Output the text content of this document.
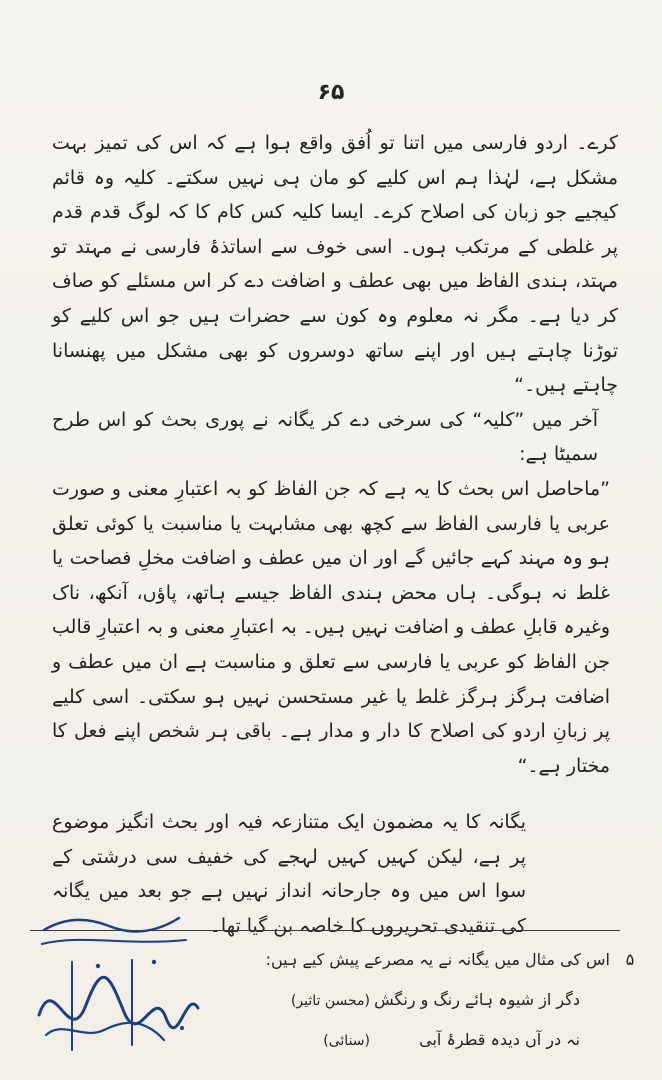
۶۵

کرے۔ اردو فارسی میں اتنا تو اُفق واقع ہوا ہے کہ اس کی تمیز بہت مشکل ہے، لہٰذا ہم اس کلیے کو مان ہی نہیں سکتے۔ کلیہ وہ قائم کیجیے جو زبان کی اصلاح کرے۔ ایسا کلیہ کس کام کا کہ لوگ قدم قدم پر غلطی کے مرتکب ہوں۔ اسی خوف سے اساتذۂ فارسی نے مہتد تو مہتد، ہندی الفاظ میں بھی عطف و اضافت دے کر اس مسئلے کو صاف کر دیا ہے۔ مگر نہ معلوم وہ کون سے حضرات ہیں جو اس کلیے کو توڑنا چاہتے ہیں اور اپنے ساتھ دوسروں کو بھی مشکل میں پھنسانا چاہتے ہیں۔“

آخر میں ”کلیہ“ کی سرخی دے کر یگانہ نے پوری بحث کو اس طرح سمیٹا ہے:

”ماحاصل اس بحث کا یہ ہے کہ جن الفاظ کو بہ اعتبارِ معنی و صورت عربی یا فارسی الفاظ سے کچھ بھی مشابہت یا مناسبت یا کوئی تعلق ہو وہ مہند کہے جائیں گے اور ان میں عطف و اضافت مخلِ فصاحت یا غلط نہ ہوگی۔ ہاں محض ہندی الفاظ جیسے ہاتھ، پاؤں، آنکھ، ناک وغیرہ قابلِ عطف و اضافت نہیں ہیں۔ بہ اعتبارِ معنی و بہ اعتبارِ قالب جن الفاظ کو عربی یا فارسی سے تعلق و مناسبت ہے ان میں عطف و اضافت ہرگز ہرگز غلط یا غیر مستحسن نہیں ہو سکتی۔ اسی کلیے پر زبانِ اردو کی اصلاح کا دار و مدار ہے۔ باقی ہر شخص اپنے فعل کا مختار ہے۔“

یگانہ کا یہ مضمون ایک متنازعہ فیہ اور بحث انگیز موضوع پر ہے، لیکن کہیں کہیں لہجے کی خفیف سی درشتی کے سوا اس میں وہ جارحانہ انداز نہیں ہے جو بعد میں یگانہ کی تنقیدی تحریروں کا خاصہ بن گیا تھا۔

۵
اس کی مثال میں یگانہ نے یہ مصرعے پیش کیے ہیں:
دگر از شیوہ ہائے رنگ و رنگش
(محسن تاثیر)
نہ در آں دیدہ قطرۂ آبی
(سنائی)
